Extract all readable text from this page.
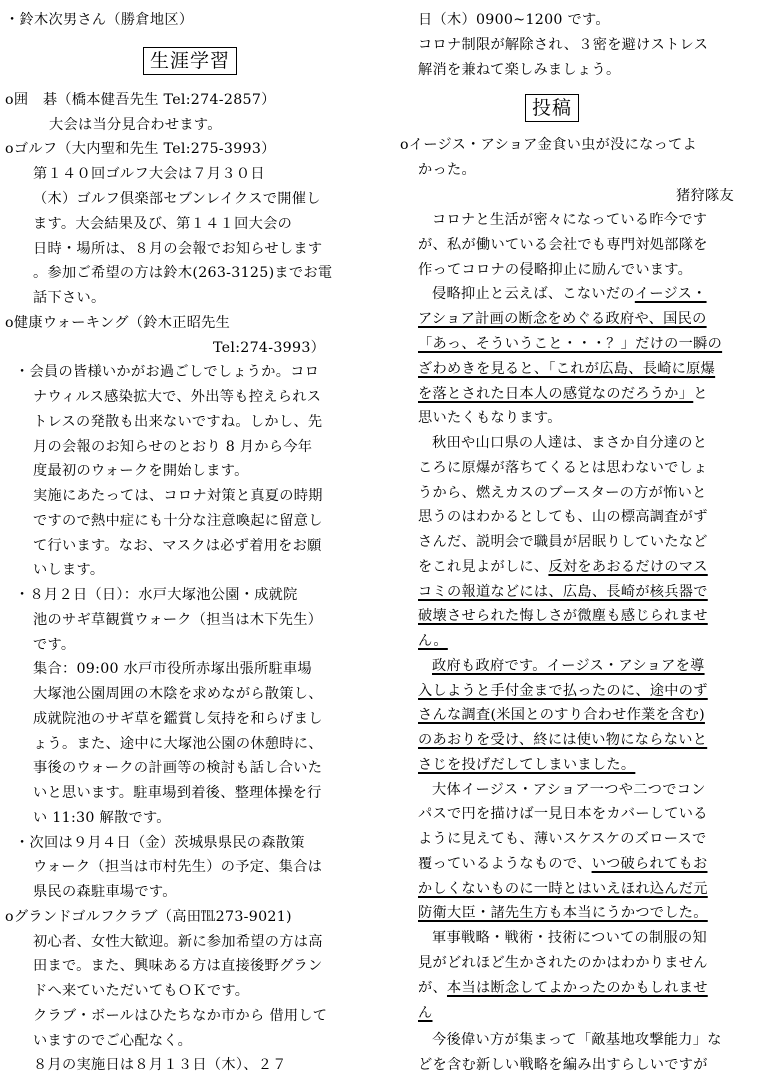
・鈴木次男さん（勝倉地区）
生涯学習
ο囲　碁（橋本健吾先生 Tel:274-2857）
大会は当分見合わせます。
οゴルフ（大内聖和先生 Tel:275-3993）
第１４０回ゴルフ大会は７月３０日
（木）ゴルフ倶楽部セブンレイクスで開催し
ます。大会結果及び、第１４１回大会の
日時・場所は、８月の会報でお知らせします
。参加ご希望の方は鈴木(263-3125)までお電
話下さい。
ο健康ウォーキング（鈴木正昭先生
Tel:274-3993）
・会員の皆様いかがお過ごしでしょうか。コロ
ナウィルス感染拡大で、外出等も控えられス
トレスの発散も出来ないですね。しかし、先
月の会報のお知らせのとおり 8 月から今年
度最初のウォークを開始します。
実施にあたっては、コロナ対策と真夏の時期
ですので熱中症にも十分な注意喚起に留意し
て行います。なお、マスクは必ず着用をお願
いします。
・８月２日（日）：水戸大塚池公園・成就院
池のサギ草観賞ウォーク（担当は木下先生）
です。
集合：09:00 水戸市役所赤塚出張所駐車場
大塚池公園周囲の木陰を求めながら散策し、
成就院池のサギ草を鑑賞し気持を和らげまし
ょう。また、途中に大塚池公園の休憩時に、
事後のウォークの計画等の検討も話し合いた
いと思います。駐車場到着後、整理体操を行
い 11:30 解散です。
・次回は９月４日（金）茨城県県民の森散策
ウォーク（担当は市村先生）の予定、集合は
県民の森駐車場です。
οグランドゴルフクラブ（高田℡273-9021)
初心者、女性大歓迎。新に参加希望の方は高
田まで。また、興味ある方は直接後野グラン
ドへ来ていただいてもＯＫです。
クラブ・ボールはひたちなか市から 借用して
いますのでご心配なく。
８月の実施日は８月１３日（木）、２７
日（木）0900~1200 です。
コロナ制限が解除され、３密を避けストレス
解消を兼ねて楽しみましょう。
投稿
οイージス・アショア金食い虫が没になってよ
かった。
猪狩隊友
コロナと生活が密々になっている昨今です
が、私が働いている会社でも専門対処部隊を
作ってコロナの侵略抑止に励んでいます。
侵略抑止と云えば、こないだのイージス・
アショア計画の断念をめぐる政府や、国民の
「あっ、そういうこと・・・？」だけの一瞬の
ざわめきを見ると、「これが広島、長崎に原爆
を落とされた日本人の感覚なのだろうか」と
思いたくもなります。
秋田や山口県の人達は、まさか自分達のと
ころに原爆が落ちてくるとは思わないでしょ
うから、燃えカスのブースターの方が怖いと
思うのはわかるとしても、山の標高調査がず
さんだ、説明会で職員が居眠りしていたなど
をこれ見よがしに、反対をあおるだけのマス
コミの報道などには、広島、長崎が核兵器で
破壊させられた悔しさが微塵も感じられませ
ん。
政府も政府です。イージス・アショアを導
入しようと手付金まで払ったのに、途中のず
さんな調査(米国とのすり合わせ作業を含む)
のあおりを受け、終には使い物にならないと
さじを投げだしてしまいました。
大体イージス・アショア一つや二つでコン
パスで円を描けば一見日本をカバーしている
ように見えても、薄いスケスケのズロースで
覆っているようなもので、いつ破られてもお
かしくないものに一時とはいえほれ込んだ元
防衛大臣・諸先生方も本当にうかつでした。
軍事戦略・戦術・技術についての制服の知
見がどれほど生かされたのかはわかりません
が、本当は断念してよかったのかもしれませ
ん
今後偉い方が集まって「敵基地攻撃能力」な
どを含む新しい戦略を編み出すらしいですが
